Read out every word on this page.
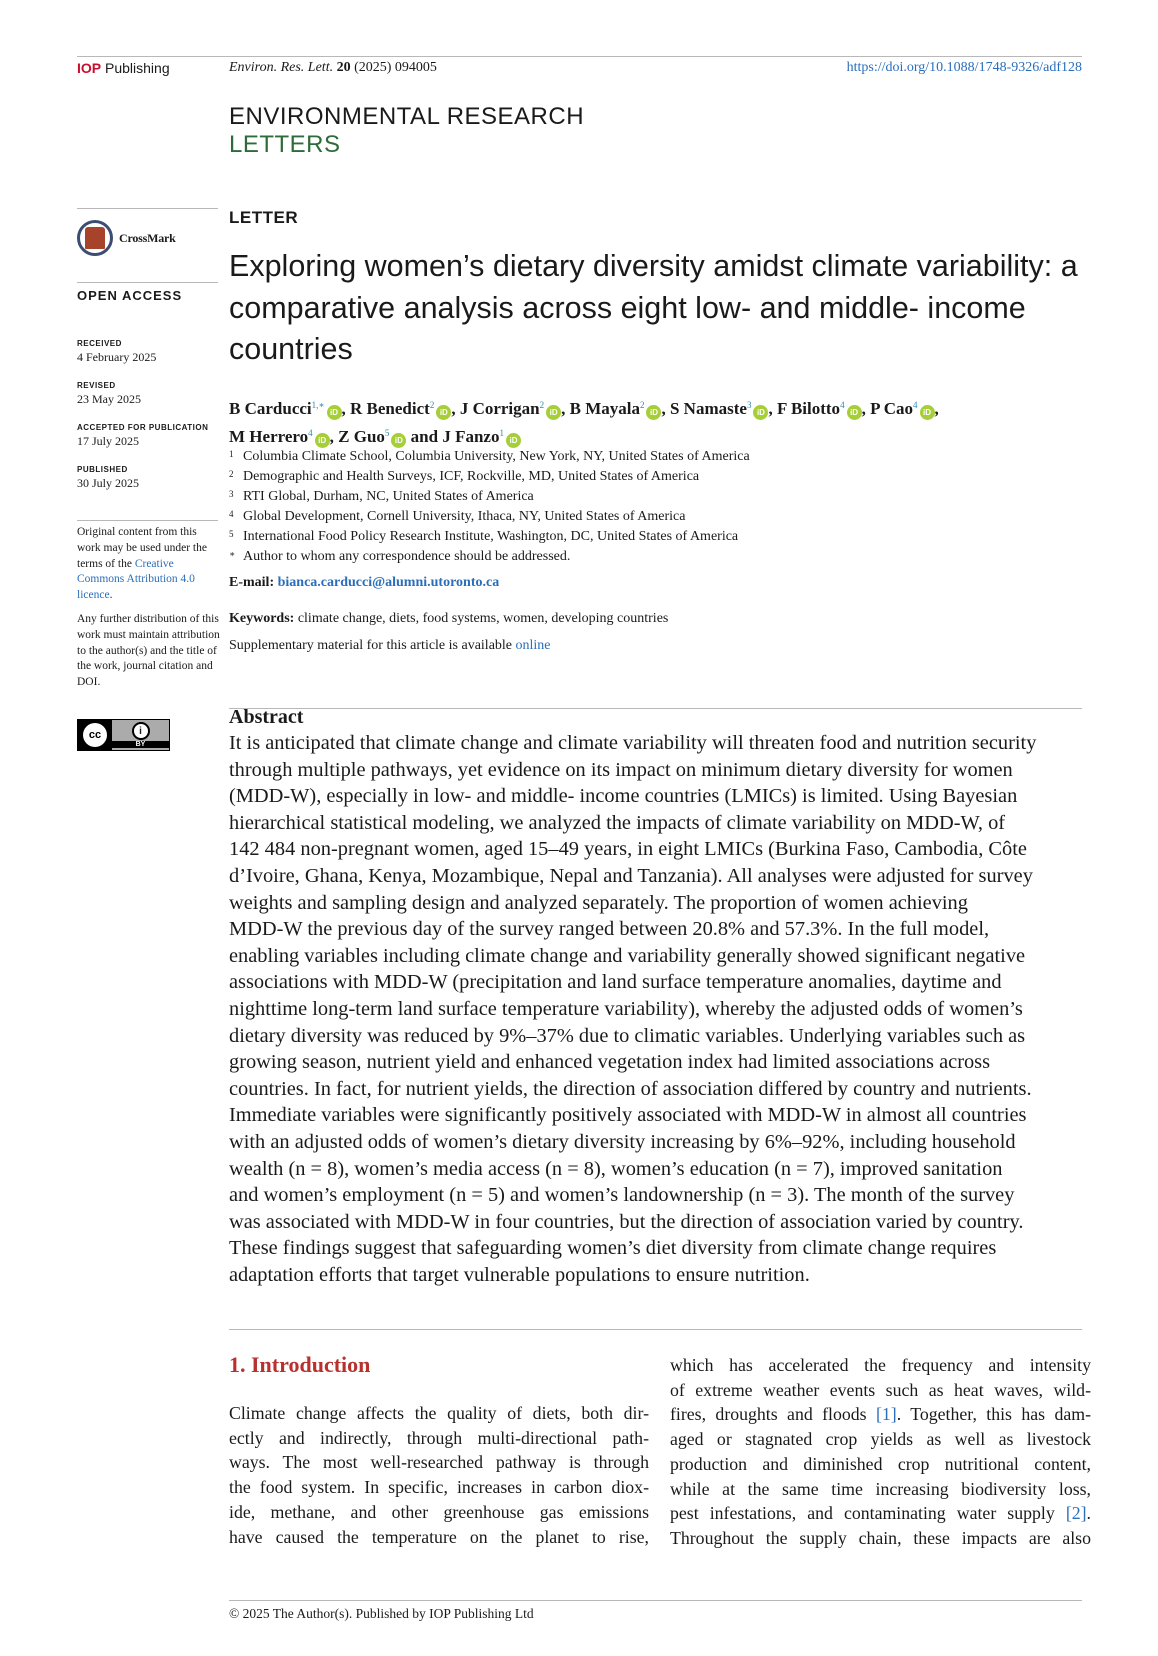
IOP Publishing	Environ. Res. Lett. 20 (2025) 094005	https://doi.org/10.1088/1748-9326/adf128
ENVIRONMENTAL RESEARCH
LETTERS
CrossMark
OPEN ACCESS
RECEIVED
4 February 2025
REVISED
23 May 2025
ACCEPTED FOR PUBLICATION
17 July 2025
PUBLISHED
30 July 2025
Original content from this work may be used under the terms of the Creative Commons Attribution 4.0 licence.
Any further distribution of this work must maintain attribution to the author(s) and the title of the work, journal citation and DOI.
cc	i
BY
LETTER
Exploring women’s dietary diversity amidst climate variability: a comparative analysis across eight low- and middle- income countries
B Carducci$^{1,∗}$iD , R Benedict$^2$iD , J Corrigan$^2$iD , B Mayala$^2$iD , S Namaste$^3$iD , F Bilotto$^4$iD , P Cao$^4$iD ,
M Herrero$^4$iD , Z Guo$^5$iD and J Fanzo$^1$iD
1 Columbia Climate School, Columbia University, New York, NY, United States of America
2 Demographic and Health Surveys, ICF, Rockville, MD, United States of America
3 RTI Global, Durham, NC, United States of America
4 Global Development, Cornell University, Ithaca, NY, United States of America
5 International Food Policy Research Institute, Washington, DC, United States of America
∗ Author to whom any correspondence should be addressed.
E-mail: bianca.carducci@alumni.utoronto.ca
Keywords: climate change, diets, food systems, women, developing countries
Supplementary material for this article is available online
Abstract
It is anticipated that climate change and climate variability will threaten food and nutrition security
through multiple pathways, yet evidence on its impact on minimum dietary diversity for women
(MDD-W), especially in low- and middle- income countries (LMICs) is limited. Using Bayesian
hierarchical statistical modeling, we analyzed the impacts of climate variability on MDD-W, of
142 484 non-pregnant women, aged 15–49 years, in eight LMICs (Burkina Faso, Cambodia, Côte
d’Ivoire, Ghana, Kenya, Mozambique, Nepal and Tanzania). All analyses were adjusted for survey
weights and sampling design and analyzed separately. The proportion of women achieving
MDD-W the previous day of the survey ranged between 20.8% and 57.3%. In the full model,
enabling variables including climate change and variability generally showed significant negative
associations with MDD-W (precipitation and land surface temperature anomalies, daytime and
nighttime long-term land surface temperature variability), whereby the adjusted odds of women’s
dietary diversity was reduced by 9%–37% due to climatic variables. Underlying variables such as
growing season, nutrient yield and enhanced vegetation index had limited associations across
countries. In fact, for nutrient yields, the direction of association differed by country and nutrients.
Immediate variables were significantly positively associated with MDD-W in almost all countries
with an adjusted odds of women’s dietary diversity increasing by 6%–92%, including household
wealth (n = 8), women’s media access (n = 8), women’s education (n = 7), improved sanitation
and women’s employment (n = 5) and women’s landownership (n = 3). The month of the survey
was associated with MDD-W in four countries, but the direction of association varied by country.
These findings suggest that safeguarding women’s diet diversity from climate change requires
adaptation efforts that target vulnerable populations to ensure nutrition.
1. Introduction
Climate change affects the quality of diets, both dir-
ectly and indirectly, through multi-directional path-
ways. The most well-researched pathway is through
the food system. In specific, increases in carbon diox-
ide, methane, and other greenhouse gas emissions
have caused the temperature on the planet to rise,
which has accelerated the frequency and intensity
of extreme weather events such as heat waves, wild-
fires, droughts and floods [1]. Together, this has dam-
aged or stagnated crop yields as well as livestock
production and diminished crop nutritional content,
while at the same time increasing biodiversity loss,
pest infestations, and contaminating water supply [2].
Throughout the supply chain, these impacts are also
© 2025 The Author(s). Published by IOP Publishing Ltd
